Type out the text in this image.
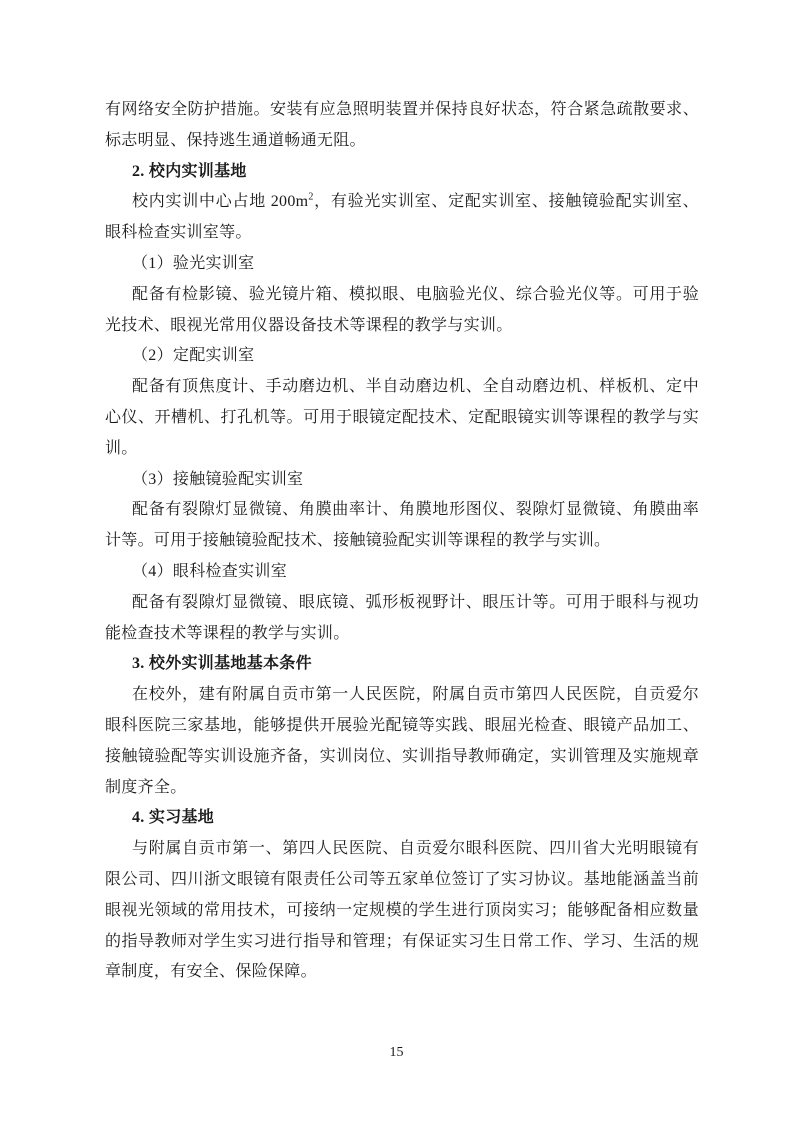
有网络安全防护措施。安装有应急照明装置并保持良好状态，符合紧急疏散要求、标志明显、保持逃生通道畅通无阻。

2. 校内实训基地

校内实训中心占地 $200m^2$，有验光实训室、定配实训室、接触镜验配实训室、眼科检查实训室等。

（1）验光实训室

配备有检影镜、验光镜片箱、模拟眼、电脑验光仪、综合验光仪等。可用于验光技术、眼视光常用仪器设备技术等课程的教学与实训。

（2）定配实训室

配备有顶焦度计、手动磨边机、半自动磨边机、全自动磨边机、样板机、定中心仪、开槽机、打孔机等。可用于眼镜定配技术、定配眼镜实训等课程的教学与实训。

（3）接触镜验配实训室

配备有裂隙灯显微镜、角膜曲率计、角膜地形图仪、裂隙灯显微镜、角膜曲率计等。可用于接触镜验配技术、接触镜验配实训等课程的教学与实训。

（4）眼科检查实训室

配备有裂隙灯显微镜、眼底镜、弧形板视野计、眼压计等。可用于眼科与视功能检查技术等课程的教学与实训。

3. 校外实训基地基本条件

在校外，建有附属自贡市第一人民医院，附属自贡市第四人民医院，自贡爱尔眼科医院三家基地，能够提供开展验光配镜等实践、眼屈光检查、眼镜产品加工、接触镜验配等实训设施齐备，实训岗位、实训指导教师确定，实训管理及实施规章制度齐全。

4. 实习基地

与附属自贡市第一、第四人民医院、自贡爱尔眼科医院、四川省大光明眼镜有限公司、四川浙文眼镜有限责任公司等五家单位签订了实习协议。基地能涵盖当前眼视光领域的常用技术，可接纳一定规模的学生进行顶岗实习；能够配备相应数量的指导教师对学生实习进行指导和管理；有保证实习生日常工作、学习、生活的规章制度，有安全、保险保障。

15
